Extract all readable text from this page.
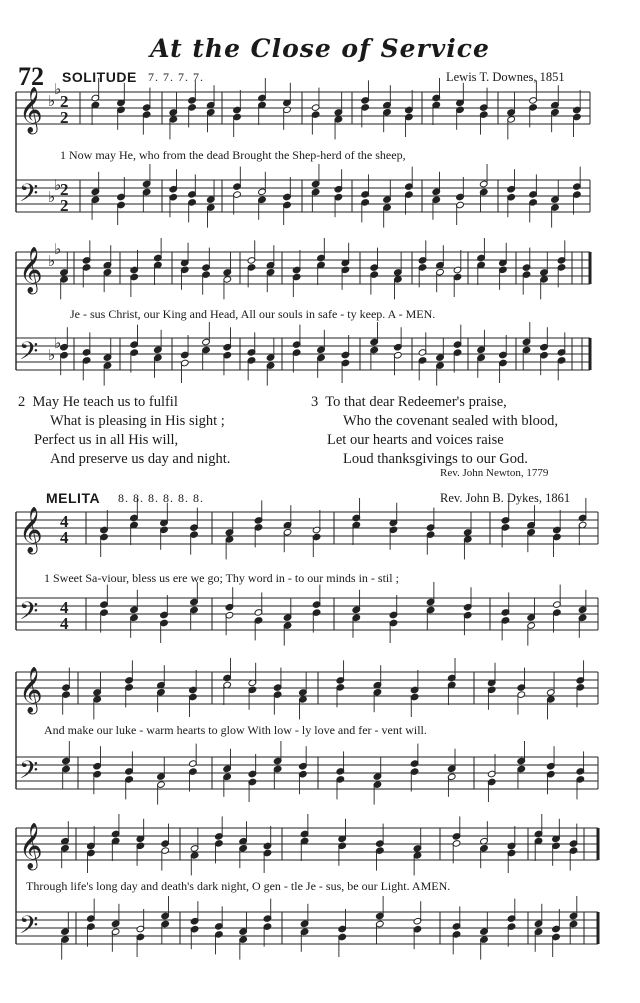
At the Close of Service
72 SOLITUDE 7. 7. 7. 7.	Lewis T. Downes, 1851
𝄞
𝄢
𝄞
𝄢
𝄞
𝄢
𝄞
𝄢
𝄞
𝄢
2
2
2
2
4
4
4
4
♭
♭
♭
♭
♭
♭
♭
♭
1 Now may He, who from the dead Brought the Shep-herd of the sheep,
Je - sus Christ, our King and Head, All our souls in safe - ty keep. A - MEN.
2 May He teach us to fulfil
What is pleasing in His sight ;
Perfect us in all His will,
And preserve us day and night.
3 To that dear Redeemer's praise,
Who the covenant sealed with blood,
Let our hearts and voices raise
Loud thanksgivings to our God.
Rev. John Newton, 1779
MELITA 8. 8. 8. 8. 8. 8.	Rev. John B. Dykes, 1861
1 Sweet Sa-viour, bless us ere we go; Thy word in - to our minds in - stil ;
And make our luke - warm hearts to glow With low - ly love and fer - vent will.
Through life's long day and death's dark night, O gen - tle Je - sus, be our Light. AMEN.
